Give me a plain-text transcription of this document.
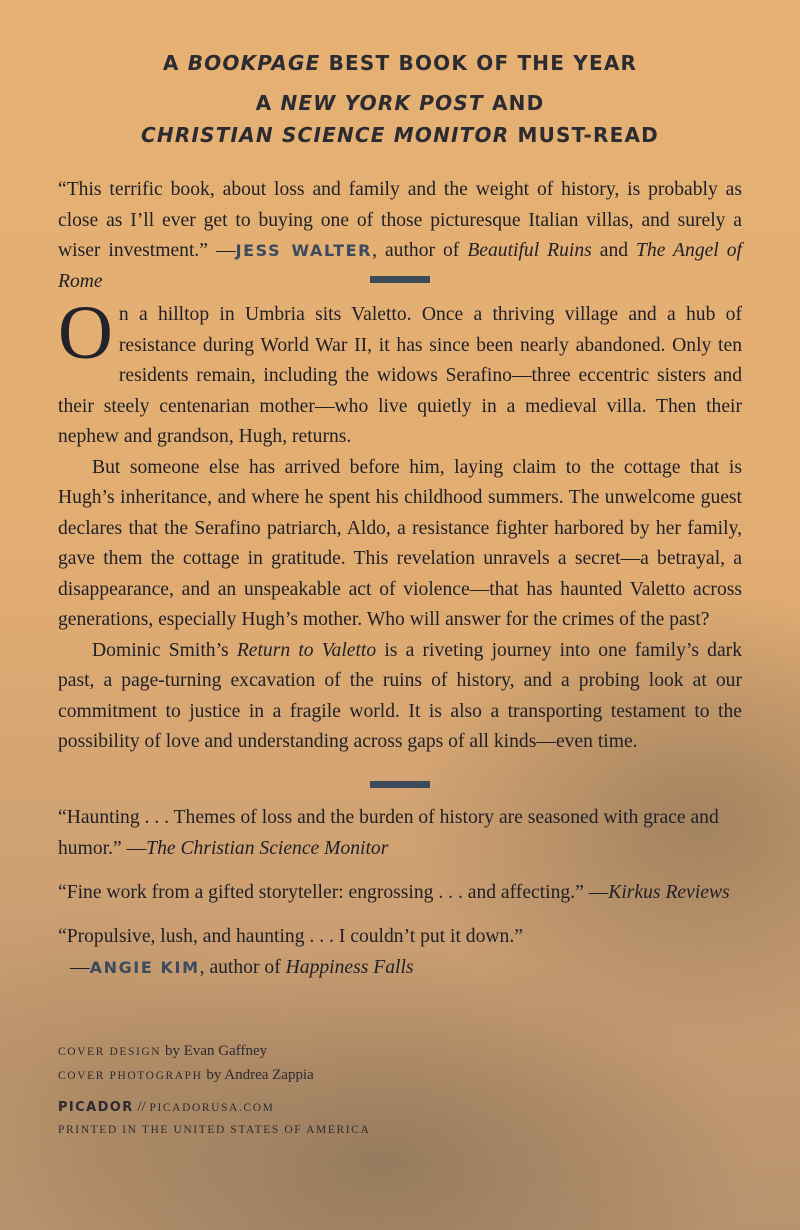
A BOOKPAGE BEST BOOK OF THE YEAR
A NEW YORK POST AND
CHRISTIAN SCIENCE MONITOR MUST-READ
“This terrific book, about loss and family and the weight of history, is probably as close as I’ll ever get to buying one of those picturesque Italian villas, and surely a wiser investment.” —JESS WALTER, author of Beautiful Ruins and The Angel of Rome
On a hilltop in Umbria sits Valetto. Once a thriving village and a hub of resistance during World War II, it has since been nearly abandoned. Only ten residents remain, including the widows Serafino—three eccentric sisters and their steely centenarian mother—who live quietly in a medieval villa. Then their nephew and grandson, Hugh, returns.
But someone else has arrived before him, laying claim to the cottage that is Hugh’s inheritance, and where he spent his childhood summers. The unwelcome guest declares that the Serafino patriarch, Aldo, a resistance fighter harbored by her family, gave them the cottage in gratitude. This revelation unravels a secret—a betrayal, a disappearance, and an unspeakable act of violence—that has haunted Valetto across generations, especially Hugh’s mother. Who will answer for the crimes of the past?
Dominic Smith’s Return to Valetto is a riveting journey into one family’s dark past, a page-turning excavation of the ruins of history, and a probing look at our commitment to justice in a fragile world. It is also a transporting testament to the possibility of love and understanding across gaps of all kinds—even time.
“Haunting . . . Themes of loss and the burden of history are seasoned with grace and humor.” —The Christian Science Monitor
“Fine work from a gifted storyteller: engrossing . . . and affecting.” —Kirkus Reviews
“Propulsive, lush, and haunting . . . I couldn’t put it down.”
—ANGIE KIM, author of Happiness Falls
COVER DESIGN by Evan Gaffney
COVER PHOTOGRAPH by Andrea Zappia
PICADOR // PICADORUSA.COM
PRINTED IN THE UNITED STATES OF AMERICA
